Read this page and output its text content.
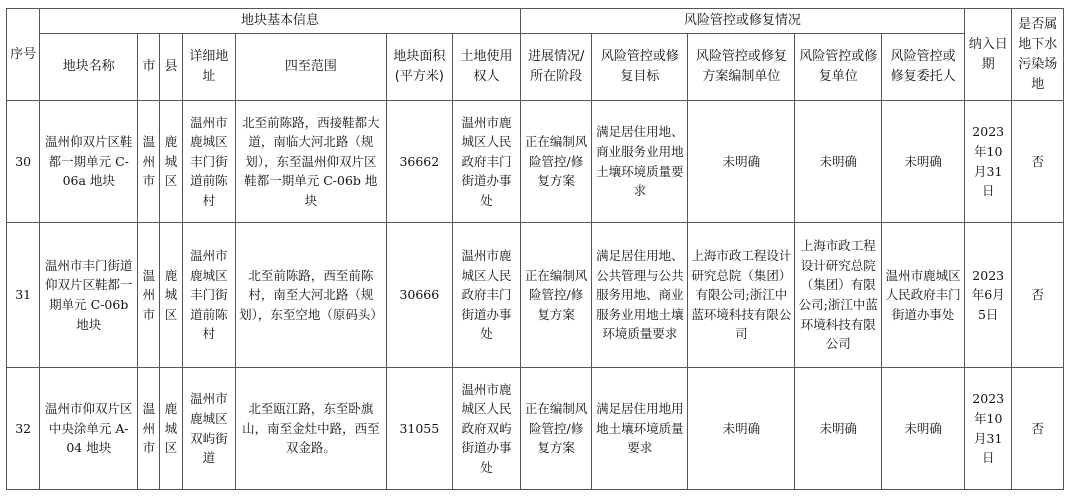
序号	地块基本信息							风险管控或修复情况					纳入日期	是否属地下水污染场地
	地块名称	市	县	详细地址	四至范围	地块面积(平方米)	土地使用权人	进展情况/所在阶段	风险管控或修复目标	风险管控或修复方案编制单位	风险管控或修复单位	风险管控或修复委托人		
30	温州仰双片区鞋都一期单元 C-06a 地块	温州市	鹿城区	温州市鹿城区丰门街道前陈村	北至前陈路，西接鞋都大道，南临大河北路（规划），东至温州仰双片区鞋都一期单元 C-06b 地块	36662	温州市鹿城区人民政府丰门街道办事处	正在编制风险管控/修复方案	满足居住用地、商业服务业用地土壤环境质量要求	未明确	未明确	未明确	2023年10月31日	否
31	温州市丰门街道仰双片区鞋都一期单元 C-06b 地块	温州市	鹿城区	温州市鹿城区丰门街道前陈村	北至前陈路，西至前陈村，南至大河北路（规划），东至空地（原码头）	30666	温州市鹿城区人民政府丰门街道办事处	正在编制风险管控/修复方案	满足居住用地、公共管理与公共服务用地、商业服务业用地土壤环境质量要求	上海市政工程设计研究总院（集团）有限公司;浙江中蓝环境科技有限公司	上海市政工程设计研究总院（集团）有限公司;浙江中蓝环境科技有限公司	温州市鹿城区人民政府丰门街道办事处	2023年6月5日	否
32	温州市仰双片区中央涂单元 A-04 地块	温州市	鹿城区	温州市鹿城区双屿街道	北至瓯江路，东至卧旗山，南至金灶中路，西至双金路。	31055	温州市鹿城区人民政府双屿街道办事处	正在编制风险管控/修复方案	满足居住用地用地土壤环境质量要求	未明确	未明确	未明确	2023年10月31日	否
